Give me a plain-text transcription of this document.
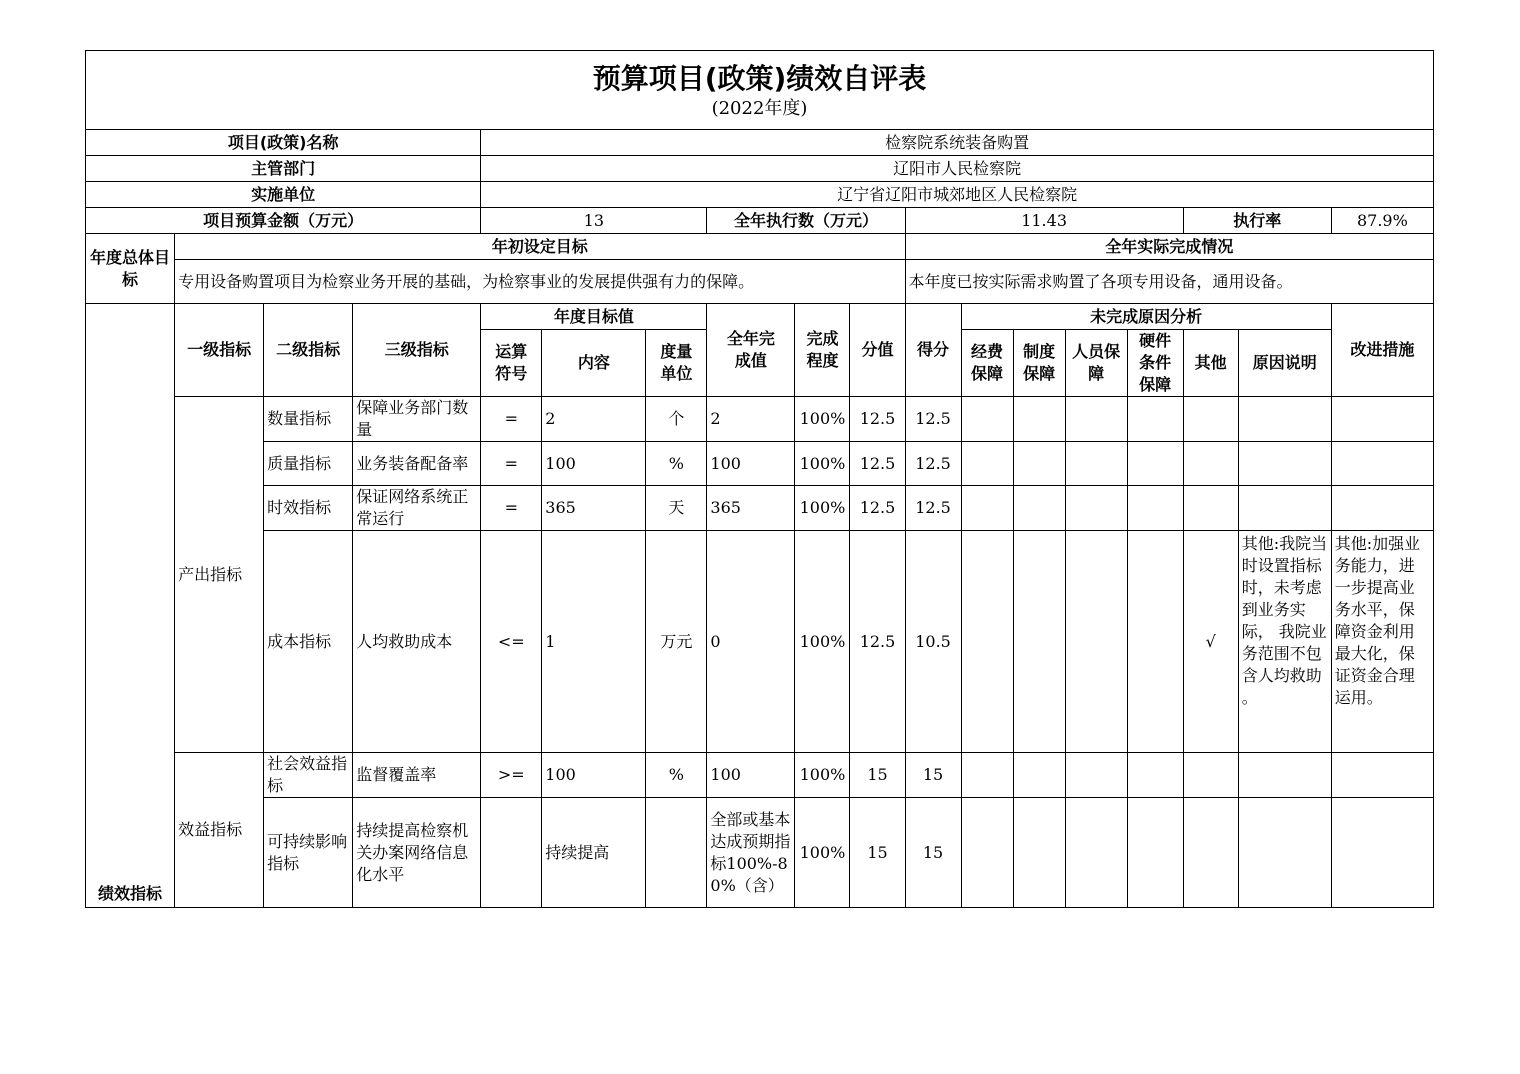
预算项目(政策)绩效自评表
(2022年度)																	

项目(政策)名称				检察院系统装备购置													
主管部门				辽阳市人民检察院													
实施单位				辽宁省辽阳市城郊地区人民检察院													
项目预算金额（万元）				13			全年执行数（万元）			11.43					执行率		87.9%
年度总体目标	年初设定目标									全年实际完成情况							
	专用设备购置项目为检察业务开展的基础，为检察事业的发展提供强有力的保障。									本年度已按实际需求购置了各项专用设备，通用设备。							
绩效指标	一级指标	二级指标	三级指标	年度目标值			全年完成值	完成程度	分值	得分	未完成原因分析						改进措施

				运算符号	内容	度量单位					经费保障	制度保障	人员保障	硬件条件保障	其他	原因说明	
	产出指标	数量指标	保障业务部门数量	=	2	个	2	100%	12.5	12.5							
		质量指标	业务装备配备率	=	100	%	100	100%	12.5	12.5							
		时效指标	保证网络系统正常运行	=	365	天	365	100%	12.5	12.5							
		成本指标	人均救助成本	<=	1	万元	0	100%	12.5	10.5					√	其他:我院当时设置指标时，未考虑到业务实际， 我院业务范围不包含人均救助 。	其他:加强业务能力，进一步提高业务水平，保障资金利用最大化，保证资金合理运用。

	效益指标	社会效益指标	监督覆盖率	>=	100	%	100	100%	15	15							

		可持续影响指标	持续提高检察机关办案网络信息化水平		持续提高		全部或基本达成预期指标100%-80%（含）	100%	15	15							
